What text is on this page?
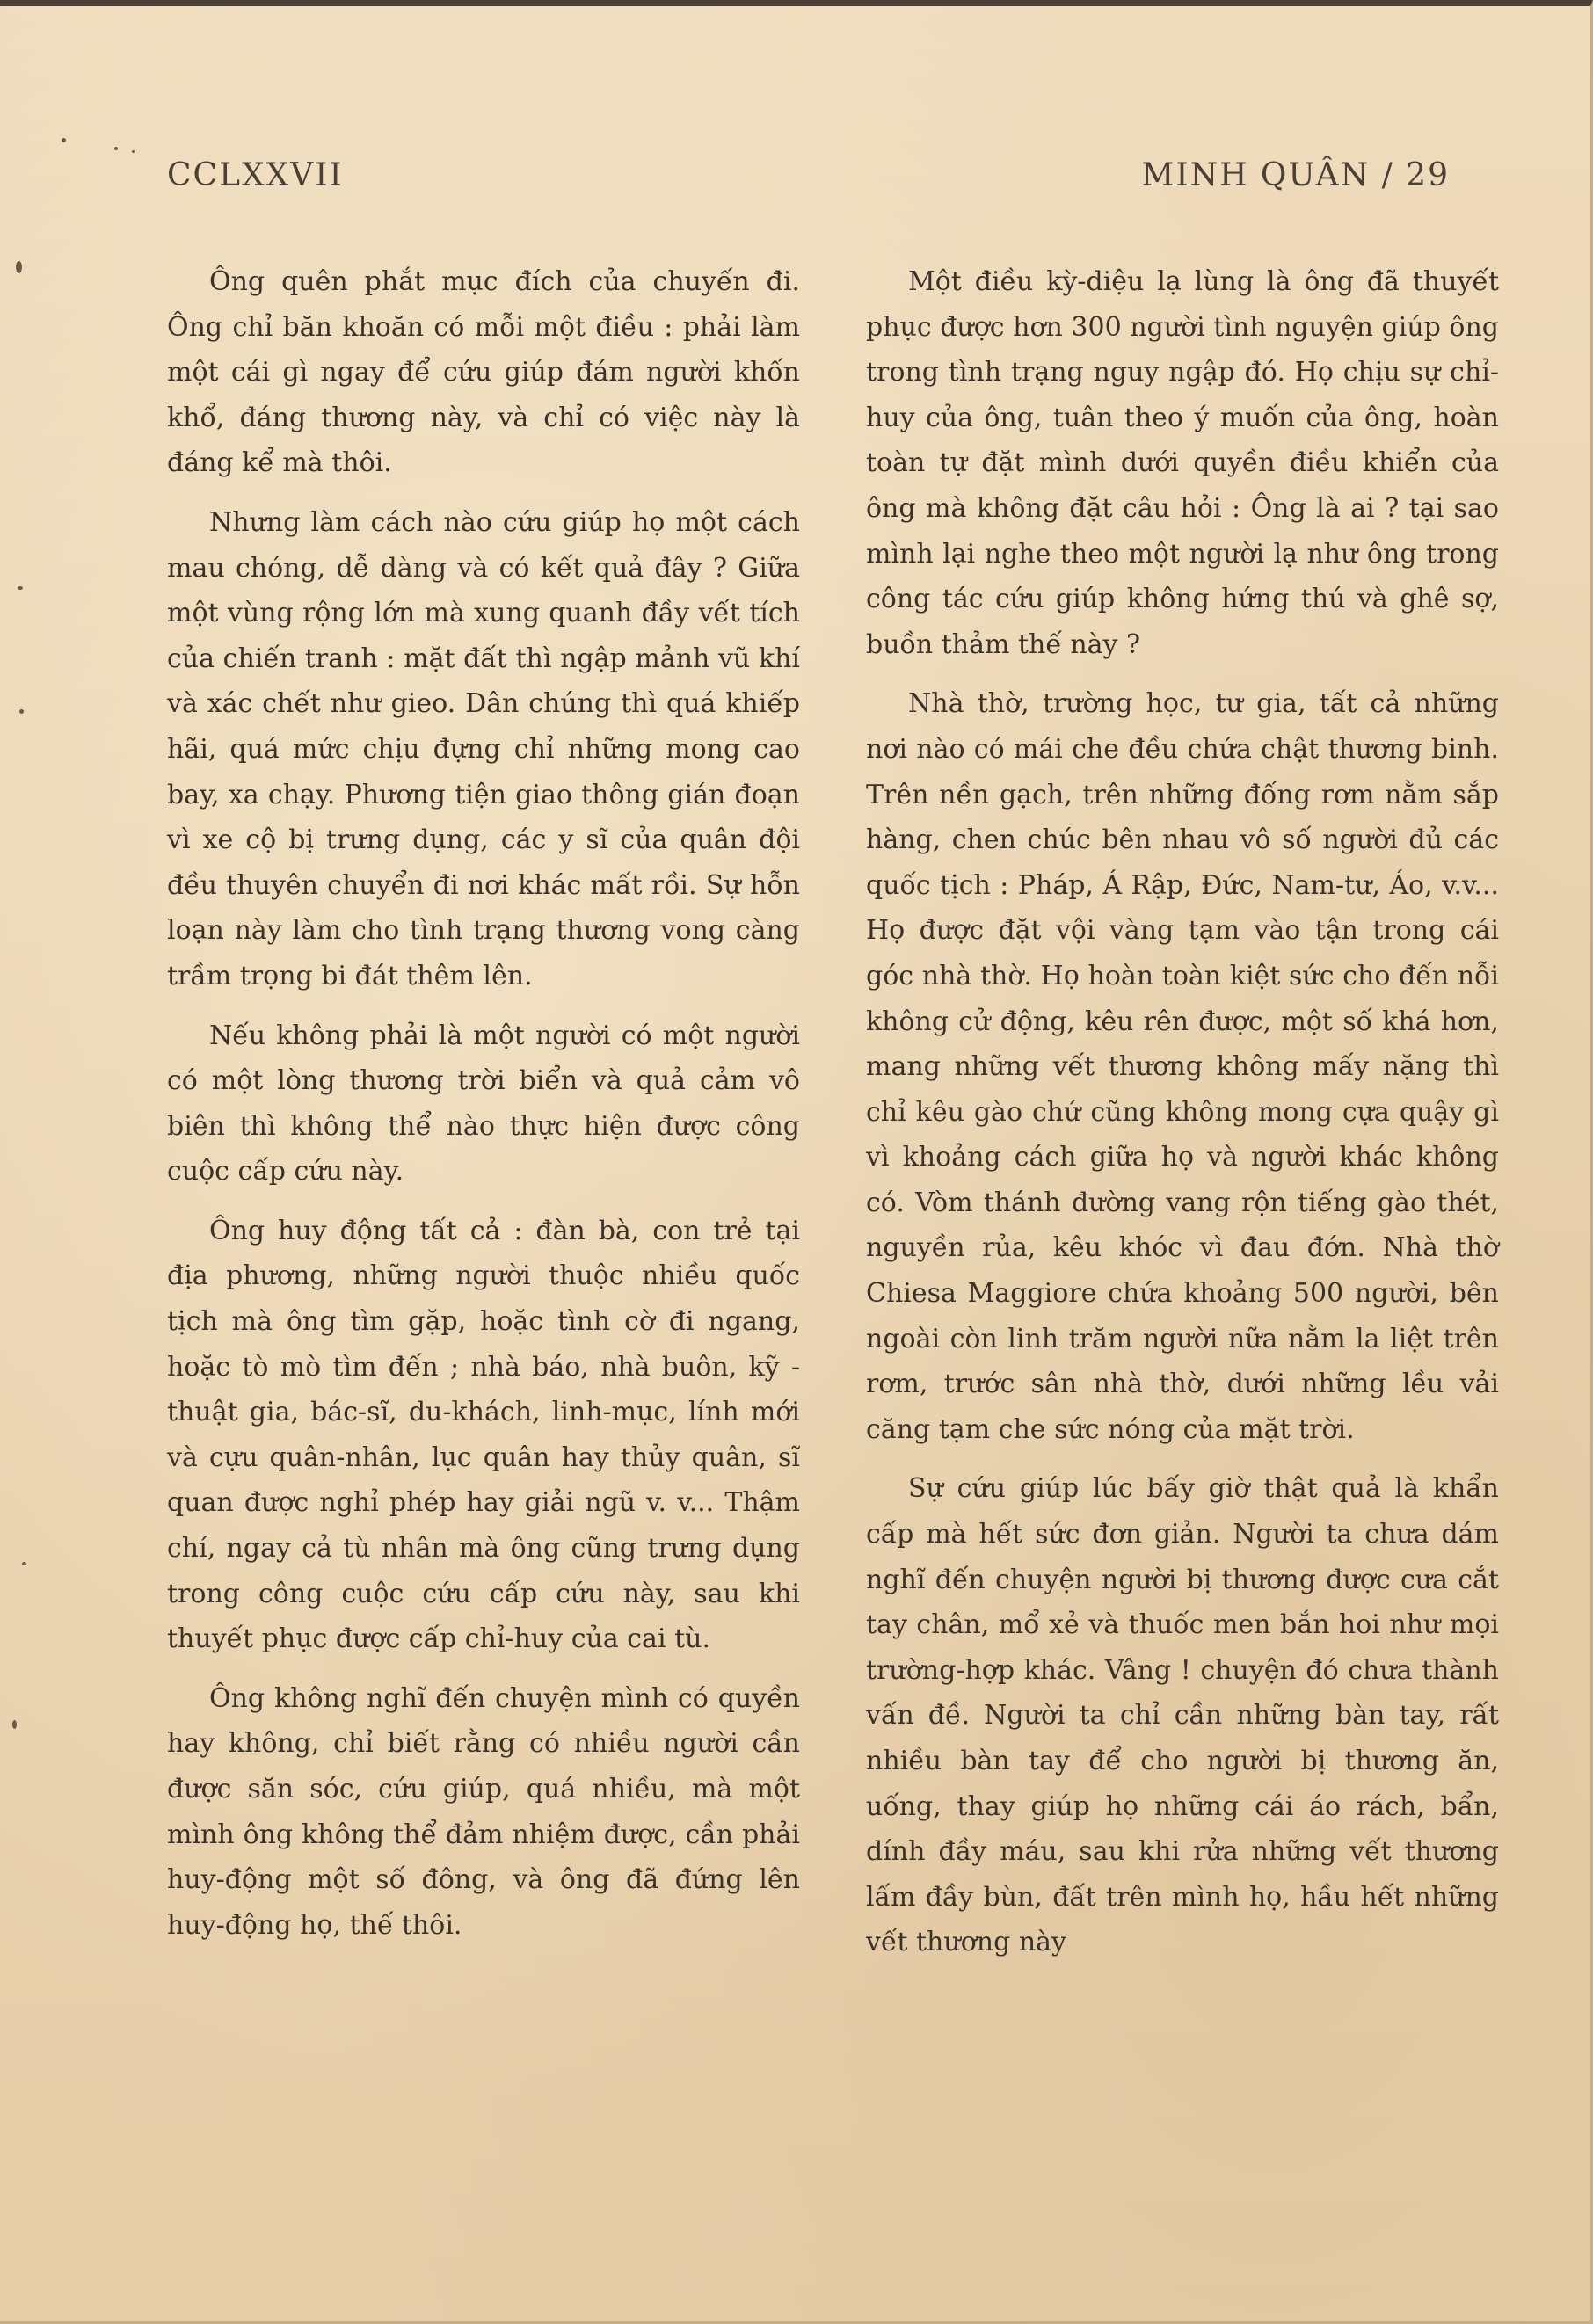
CCLXXVII	MINH QUÂN / 29

Ông quên phắt mục đích của chuyến đi. Ông chỉ băn khoăn có mỗi một điều : phải làm một cái gì ngay để cứu giúp đám người khốn khổ, đáng thương này, và chỉ có việc này là đáng kể mà thôi.

Nhưng làm cách nào cứu giúp họ một cách mau chóng, dễ dàng và có kết quả đây ? Giữa một vùng rộng lớn mà xung quanh đầy vết tích của chiến tranh : mặt đất thì ngập mảnh vũ khí và xác chết như gieo. Dân chúng thì quá khiếp hãi, quá mức chịu đựng chỉ những mong cao bay, xa chạy. Phương tiện giao thông gián đoạn vì xe cộ bị trưng dụng, các y sĩ của quân đội đều thuyên chuyển đi nơi khác mất rồi. Sự hỗn loạn này làm cho tình trạng thương vong càng trầm trọng bi đát thêm lên.

Nếu không phải là một người có một người có một lòng thương trời biển và quả cảm vô biên thì không thể nào thực hiện được công cuộc cấp cứu này.

Ông huy động tất cả : đàn bà, con trẻ tại địa phương, những người thuộc nhiều quốc tịch mà ông tìm gặp, hoặc tình cờ đi ngang, hoặc tò mò tìm đến ; nhà báo, nhà buôn, kỹ - thuật gia, bác-sĩ, du-khách, linh-mục, lính mới và cựu quân-nhân, lục quân hay thủy quân, sĩ quan được nghỉ phép hay giải ngũ v. v... Thậm chí, ngay cả tù nhân mà ông cũng trưng dụng trong công cuộc cứu cấp cứu này, sau khi thuyết phục được cấp chỉ-huy của cai tù.

Ông không nghĩ đến chuyện mình có quyền hay không, chỉ biết rằng có nhiều người cần được săn sóc, cứu giúp, quá nhiều, mà một mình ông không thể đảm nhiệm được, cần phải huy-động một số đông, và ông đã đứng lên huy-động họ, thế thôi.

Một điều kỳ-diệu lạ lùng là ông đã thuyết phục được hơn 300 người tình nguyện giúp ông trong tình trạng nguy ngập đó. Họ chịu sự chỉ-huy của ông, tuân theo ý muốn của ông, hoàn toàn tự đặt mình dưới quyền điều khiển của ông mà không đặt câu hỏi : Ông là ai ? tại sao mình lại nghe theo một người lạ như ông trong công tác cứu giúp không hứng thú và ghê sợ, buồn thảm thế này ?

Nhà thờ, trường học, tư gia, tất cả những nơi nào có mái che đều chứa chật thương binh. Trên nền gạch, trên những đống rơm nằm sắp hàng, chen chúc bên nhau vô số người đủ các quốc tịch : Pháp, Á Rập, Đức, Nam-tư, Áo, v.v... Họ được đặt vội vàng tạm vào tận trong cái góc nhà thờ. Họ hoàn toàn kiệt sức cho đến nỗi không cử động, kêu rên được, một số khá hơn, mang những vết thương không mấy nặng thì chỉ kêu gào chứ cũng không mong cựa quậy gì vì khoảng cách giữa họ và người khác không có. Vòm thánh đường vang rộn tiếng gào thét, nguyền rủa, kêu khóc vì đau đớn. Nhà thờ Chiesa Maggiore chứa khoảng 500 người, bên ngoài còn linh trăm người nữa nằm la liệt trên rơm, trước sân nhà thờ, dưới những lều vải căng tạm che sức nóng của mặt trời.

Sự cứu giúp lúc bấy giờ thật quả là khẩn cấp mà hết sức đơn giản. Người ta chưa dám nghĩ đến chuyện người bị thương được cưa cắt tay chân, mổ xẻ và thuốc men bắn hoi như mọi trường-hợp khác. Vâng ! chuyện đó chưa thành vấn đề. Người ta chỉ cần những bàn tay, rất nhiều bàn tay để cho người bị thương ăn, uống, thay giúp họ những cái áo rách, bẩn, dính đầy máu, sau khi rửa những vết thương lấm đầy bùn, đất trên mình họ, hầu hết những vết thương này
